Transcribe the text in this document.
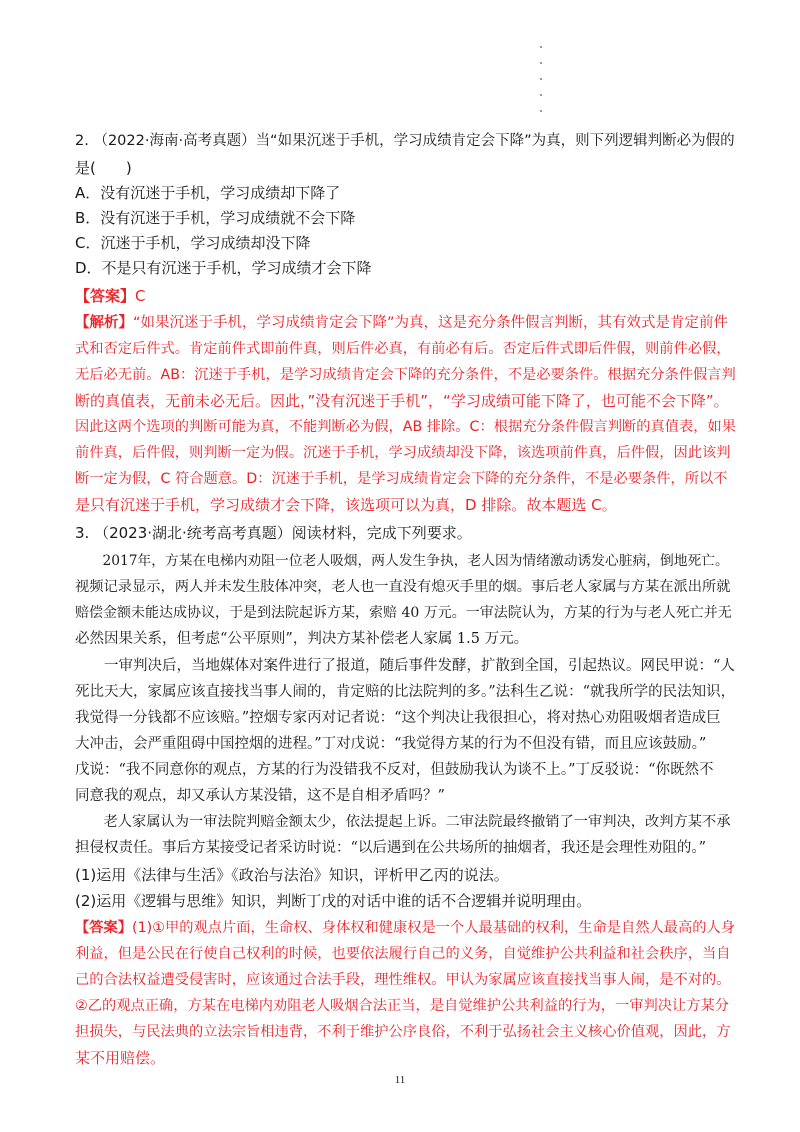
2. （2022·海南·高考真题）当“如果沉迷于手机，学习成绩肯定会下降”为真，则下列逻辑判断必为假的
是(　　)
A．没有沉迷于手机，学习成绩却下降了
B．没有沉迷于手机，学习成绩就不会下降
C．沉迷于手机，学习成绩却没下降
D．不是只有沉迷于手机，学习成绩才会下降
【答案】C
【解析】“如果沉迷于手机，学习成绩肯定会下降”为真，这是充分条件假言判断，其有效式是肯定前件
式和否定后件式。肯定前件式即前件真，则后件必真，有前必有后。否定后件式即后件假，则前件必假，
无后必无前。AB：沉迷于手机，是学习成绩肯定会下降的充分条件，不是必要条件。根据充分条件假言判
断的真值表，无前未必无后。因此，”没有沉迷于手机”，“学习成绩可能下降了，也可能不会下降”。
因此这两个选项的判断可能为真，不能判断必为假，AB 排除。C：根据充分条件假言判断的真值表，如果
前件真，后件假，则判断一定为假。沉迷于手机，学习成绩却没下降，该选项前件真，后件假，因此该判
断一定为假，C 符合题意。D：沉迷于手机，是学习成绩肯定会下降的充分条件，不是必要条件，所以不
是只有沉迷于手机，学习成绩才会下降，该选项可以为真，D 排除。故本题选 C。
3. （2023·湖北·统考高考真题）阅读材料，完成下列要求。
　　2017年，方某在电梯内劝阻一位老人吸烟，两人发生争执，老人因为情绪激动诱发心脏病，倒地死亡。
视频记录显示，两人并未发生肢体冲突，老人也一直没有熄灭手里的烟。事后老人家属与方某在派出所就
赔偿金额未能达成协议，于是到法院起诉方某，索赔 40 万元。一审法院认为，方某的行为与老人死亡并无
必然因果关系，但考虑“公平原则”，判决方某补偿老人家属 1.5 万元。
　　一审判决后，当地媒体对案件进行了报道，随后事件发酵，扩散到全国，引起热议。网民甲说：“人
死比天大，家属应该直接找当事人闹的，肯定赔的比法院判的多。”法科生乙说：“就我所学的民法知识，
我觉得一分钱都不应该赔。”控烟专家丙对记者说：“这个判决让我很担心，将对热心劝阻吸烟者造成巨
大冲击，会严重阻碍中国控烟的进程。”丁对戊说：“我觉得方某的行为不但没有错，而且应该鼓励。”
戊说：“我不同意你的观点，方某的行为没错我不反对，但鼓励我认为谈不上。”丁反驳说：“你既然不
同意我的观点，却又承认方某没错，这不是自相矛盾吗？”
　　老人家属认为一审法院判赔金额太少，依法提起上诉。二审法院最终撤销了一审判决，改判方某不承
担侵权责任。事后方某接受记者采访时说：“以后遇到在公共场所的抽烟者，我还是会理性劝阻的。”
(1)运用《法律与生活》《政治与法治》知识，评析甲乙丙的说法。
(2)运用《逻辑与思维》知识，判断丁戊的对话中谁的话不合逻辑并说明理由。
【答案】(1)①甲的观点片面，生命权、身体权和健康权是一个人最基础的权利，生命是自然人最高的人身
利益，但是公民在行使自己权利的时候，也要依法履行自己的义务，自觉维护公共利益和社会秩序，当自
己的合法权益遭受侵害时，应该通过合法手段，理性维权。甲认为家属应该直接找当事人闹，是不对的。
②乙的观点正确，方某在电梯内劝阻老人吸烟合法正当，是自觉维护公共利益的行为，一审判决让方某分
担损失，与民法典的立法宗旨相违背，不利于维护公序良俗，不利于弘扬社会主义核心价值观，因此，方
某不用赔偿。
11
